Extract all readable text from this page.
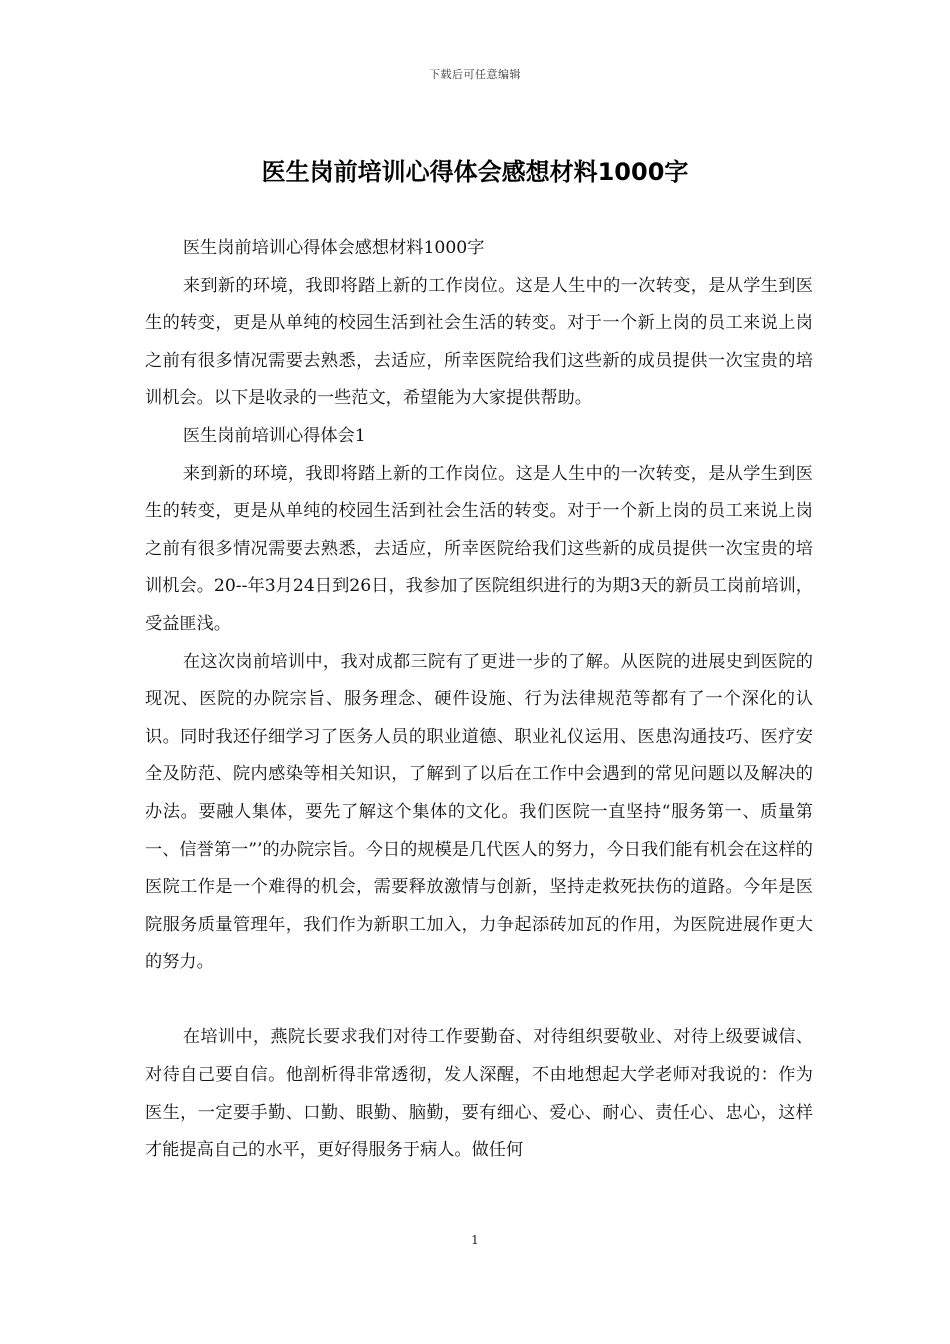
下载后可任意编辑
医生岗前培训心得体会感想材料1000字

医生岗前培训心得体会感想材料1000字

来到新的环境，我即将踏上新的工作岗位。这是人生中的一次转变，是从学生到医生的转变，更是从单纯的校园生活到社会生活的转变。对于一个新上岗的员工来说上岗之前有很多情况需要去熟悉，去适应，所幸医院给我们这些新的成员提供一次宝贵的培训机会。以下是收录的一些范文，希望能为大家提供帮助。

医生岗前培训心得体会1

来到新的环境，我即将踏上新的工作岗位。这是人生中的一次转变，是从学生到医生的转变，更是从单纯的校园生活到社会生活的转变。对于一个新上岗的员工来说上岗之前有很多情况需要去熟悉，去适应，所幸医院给我们这些新的成员提供一次宝贵的培训机会。20--年3月24日到26日，我参加了医院组织进行的为期3天的新员工岗前培训，受益匪浅。

在这次岗前培训中，我对成都三院有了更进一步的了解。从医院的进展史到医院的现况、医院的办院宗旨、服务理念、硬件设施、行为法律规范等都有了一个深化的认识。同时我还仔细学习了医务人员的职业道德、职业礼仪运用、医患沟通技巧、医疗安全及防范、院内感染等相关知识，了解到了以后在工作中会遇到的常见问题以及解决的办法。要融人集体，要先了解这个集体的文化。我们医院一直坚持“服务第一、质量第一、信誉第一”’的办院宗旨。今日的规模是几代医人的努力，今日我们能有机会在这样的医院工作是一个难得的机会，需要释放激情与创新，坚持走救死扶伤的道路。今年是医院服务质量管理年，我们作为新职工加入，力争起添砖加瓦的作用，为医院进展作更大的努力。

在培训中，燕院长要求我们对待工作要勤奋、对待组织要敬业、对待上级要诚信、对待自己要自信。他剖析得非常透彻，发人深醒，不由地想起大学老师对我说的：作为医生，一定要手勤、口勤、眼勤、脑勤，要有细心、爱心、耐心、责任心、忠心，这样才能提高自己的水平，更好得服务于病人。做任何

1
